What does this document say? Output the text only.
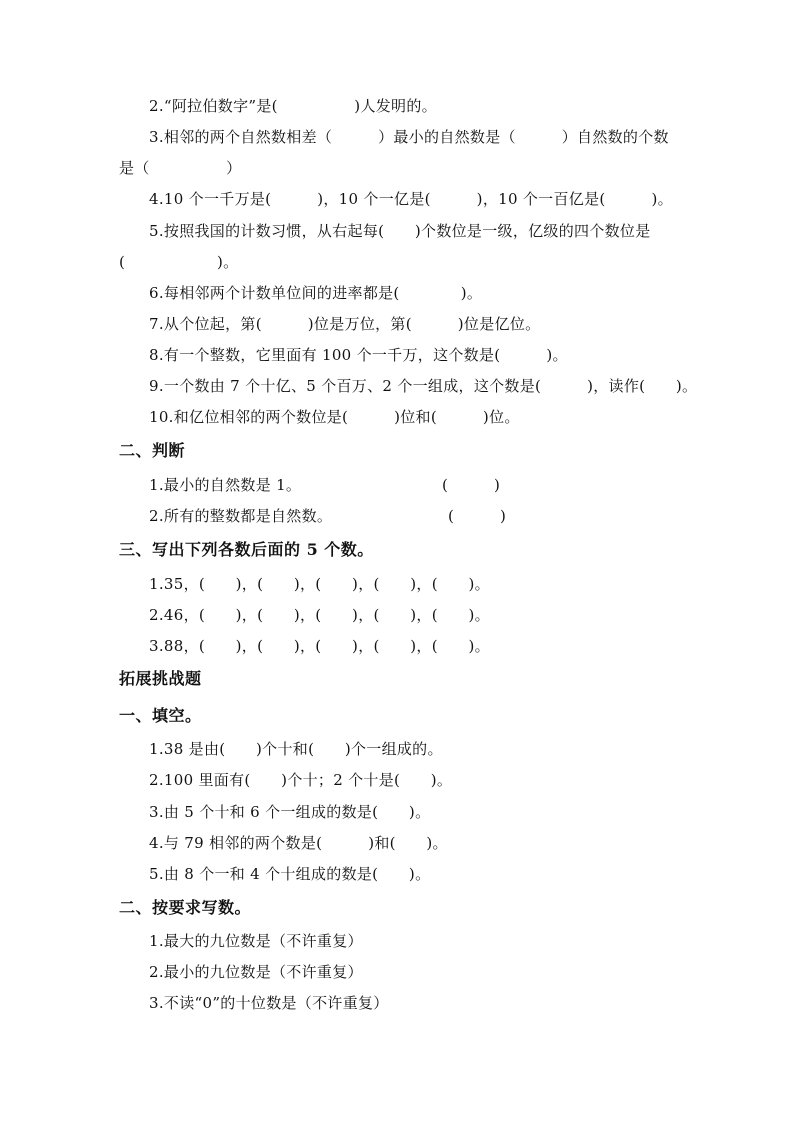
2.“阿拉伯数字”是(　　　　　)人发明的。
3.相邻的两个自然数相差（　　　）最小的自然数是（　　　）自然数的个数
是（　　　　　）
4.10 个一千万是(　　　)，10 个一亿是(　　　)，10 个一百亿是(　　　)。
5.按照我国的计数习惯，从右起每(　　)个数位是一级，亿级的四个数位是
(　　　　　　)。
6.每相邻两个计数单位间的进率都是(　　　　)。
7.从个位起，第(　　　)位是万位，第(　　　)位是亿位。
8.有一个整数，它里面有 100 个一千万，这个数是(　　　)。
9.一个数由 7 个十亿、5 个百万、2 个一组成，这个数是(　　　)，读作(　　)。
10.和亿位相邻的两个数位是(　　　)位和(　　　)位。
二、判断
1.最小的自然数是 1。	(　　　)
2.所有的整数都是自然数。	(　　　)
三、写出下列各数后面的 5 个数。
1.35，(　　)，(　　)，(　　)，(　　)，(　　)。
2.46，(　　)，(　　)，(　　)，(　　)，(　　)。
3.88，(　　)，(　　)，(　　)，(　　)，(　　)。
拓展挑战题
一、填空。
1.38 是由(　　)个十和(　　)个一组成的。
2.100 里面有(　　)个十；2 个十是(　　)。
3.由 5 个十和 6 个一组成的数是(　　)。
4.与 79 相邻的两个数是(　　　)和(　　)。
5.由 8 个一和 4 个十组成的数是(　　)。
二、按要求写数。
1.最大的九位数是（不许重复）
2.最小的九位数是（不许重复）
3.不读“0”的十位数是（不许重复）
